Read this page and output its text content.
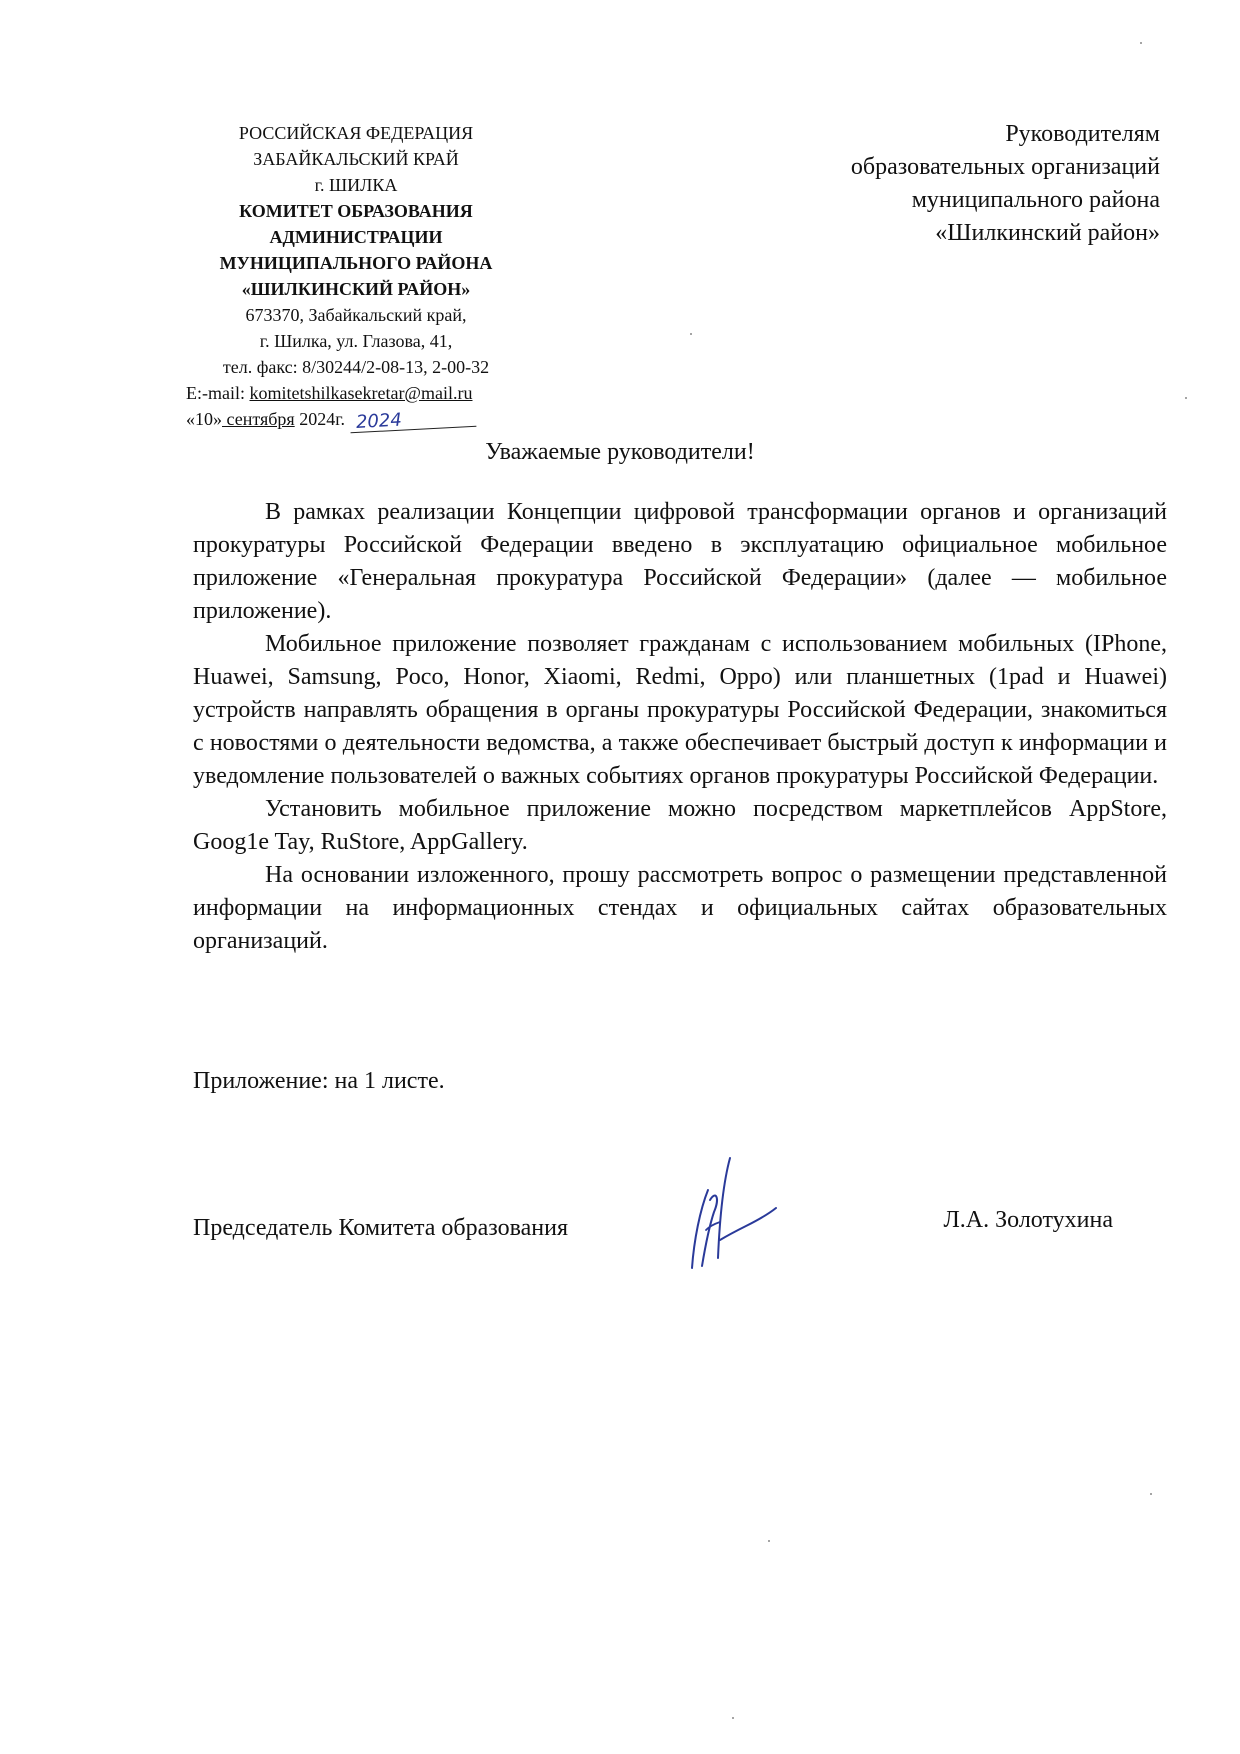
РОССИЙСКАЯ ФЕДЕРАЦИЯ
ЗАБАЙКАЛЬСКИЙ КРАЙ
г. ШИЛКА
КОМИТЕТ ОБРАЗОВАНИЯ
АДМИНИСТРАЦИИ
МУНИЦИПАЛЬНОГО РАЙОНА
«ШИЛКИНСКИЙ РАЙОН»
673370, Забайкальский край,
г. Шилка, ул. Глазова, 41,
тел. факс: 8/30244/2-08-13, 2-00-32
E:-mail: komitetshilkasekretar@mail.ru
«10» сентября 2024г. 2024
Руководителям
образовательных организаций
муниципального района
«Шилкинский район»
Уважаемые руководители!

В рамках реализации Концепции цифровой трансформации органов и организаций прокуратуры Российской Федерации введено в эксплуатацию официальное мобильное приложение «Генеральная прокуратура Российской Федерации» (далее — мобильное приложение).

Мобильное приложение позволяет гражданам с использованием мобильных (IPhone, Huawei, Samsung, Poco, Honor, Xiaomi, Redmi, Oppo) или планшетных (1pad и Huawei) устройств направлять обращения в органы прокуратуры Российской Федерации, знакомиться с новостями о деятельности ведомства, а также обеспечивает быстрый доступ к информации и уведомление пользователей о важных событиях органов прокуратуры Российской Федерации.

Установить мобильное приложение можно посредством маркетплейсов AppStore, Goog1e Tay, RuStore, AppGallery.

На основании изложенного, прошу рассмотреть вопрос о размещении представленной информации на информационных стендах и официальных сайтах образовательных организаций.

Приложение: на 1 листе.
Председатель Комитета образования	Л.А. Золотухина
